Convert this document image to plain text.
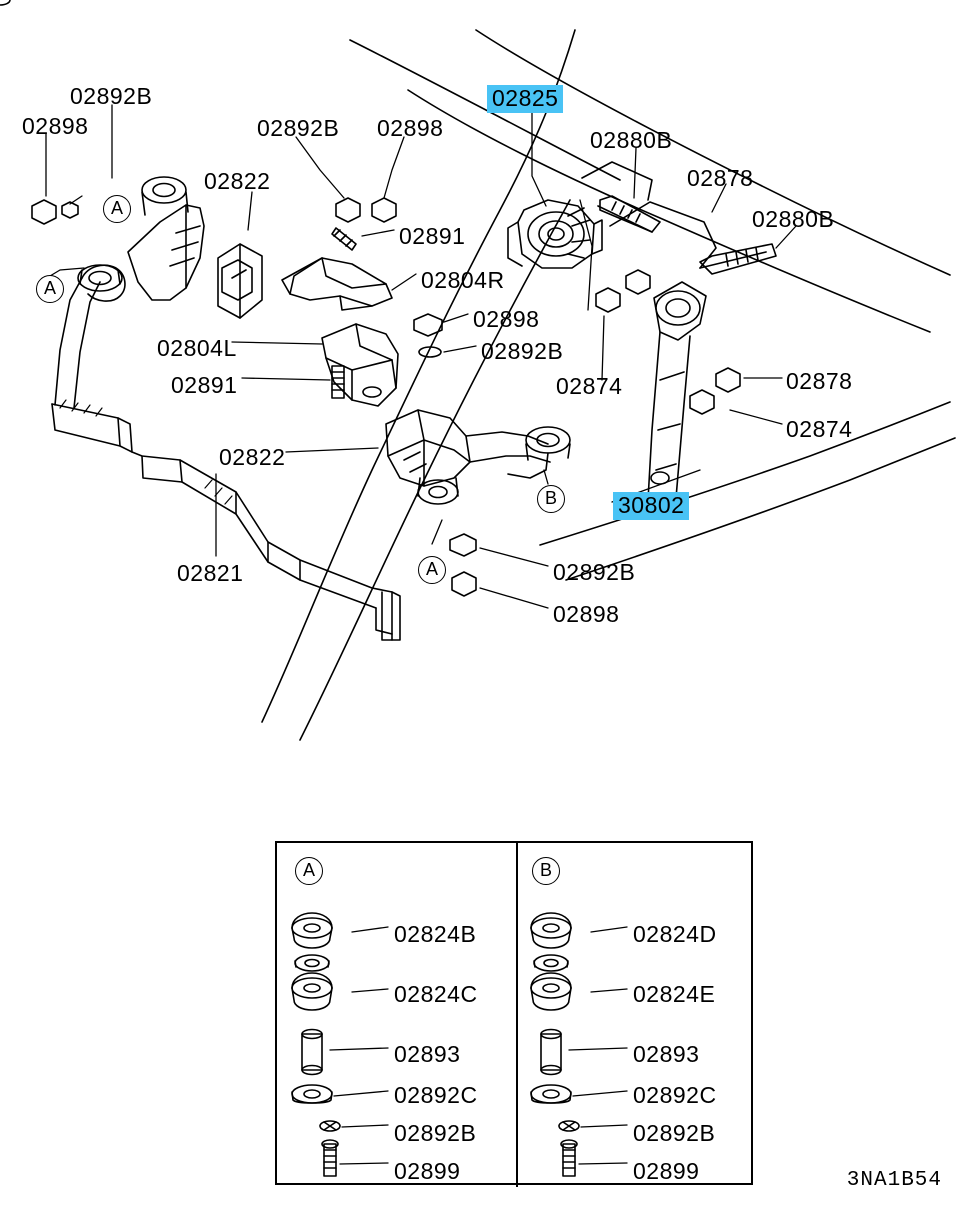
02892B
02898	02892B 02898
02825
02880B
02878
02880B
02822
02891
02804R
02898
02804L	02892B
02891	02874	02878
02874
02822
30802
02821	02892B
02898
A
A
B
A
A
02824B
02824C
02893
02892C
02892B
02899
B
02824D
02824E
02893
02892C
02892B
02899	3NA1B54
